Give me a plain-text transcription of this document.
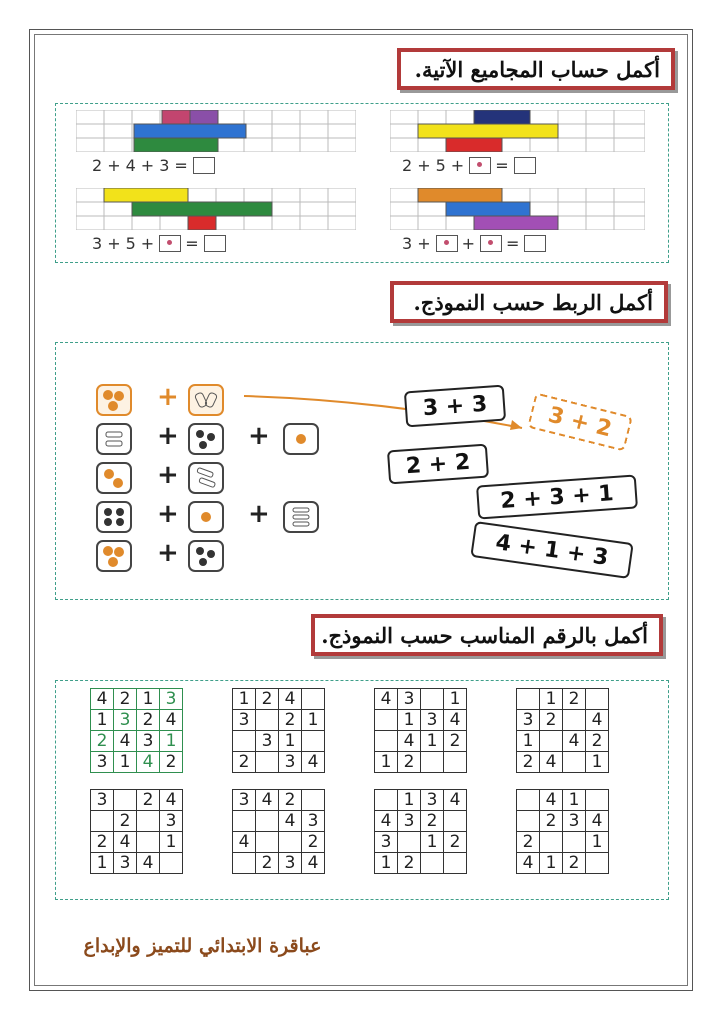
أكمل حساب المجاميع الآتية.
2 + 4 + 3 =	2 + 5 + =
3 + 5 + =	3 + + =
أكمل الربط حسب النموذج.
+
+	+
+
+	+
+
3 + 3	3 + 2
2 + 2
2 + 3 + 1
4 + 1 + 3
أكمل بالرقم المناسب حسب النموذج.
4	2	1	3
1	3	2	4
2	4	3	1
3	1	4	2
1	2	4	
3		2	1
	3	1	
2		3	4
4	3		1
	1	3	4
	4	1	2
1	2		
	1	2	
3	2		4
1		4	2
2	4		1
3		2	4
	2		3
2	4		1
1	3	4	
3	4	2	
		4	3
4			2
	2	3	4
	1	3	4
4	3	2	
3		1	2
1	2		
	4	1	
	2	3	4
2			1
4	1	2	
عباقرة الابتدائي للتميز والإبداع
